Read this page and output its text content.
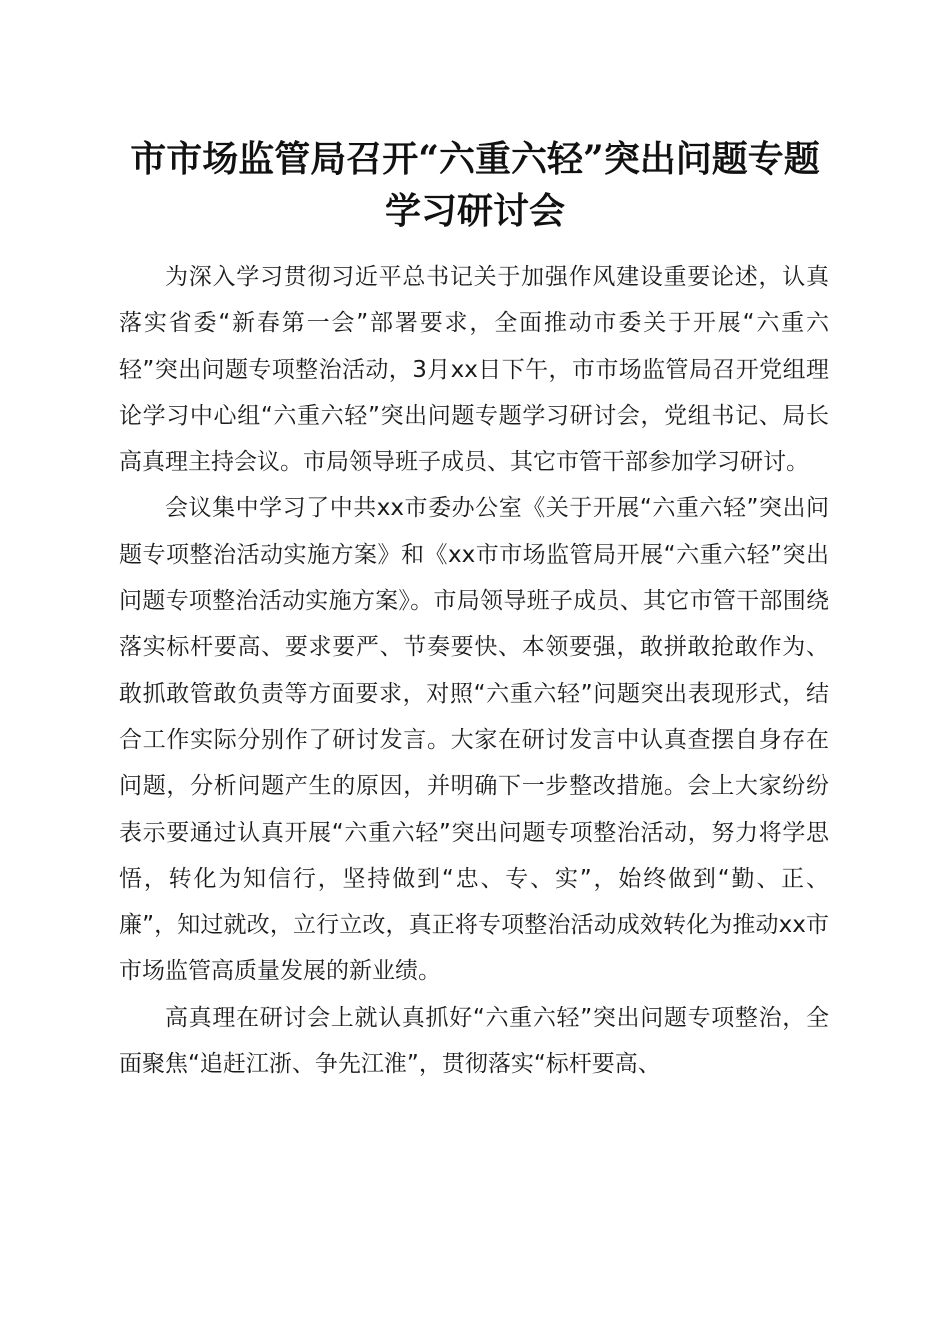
市市场监管局召开“六重六轻”突出问题专题
学习研讨会

为深入学习贯彻习近平总书记关于加强作风建设重要论述，认真落实省委“新春第一会”部署要求，全面推动市委关于开展“六重六轻”突出问题专项整治活动，3月xx日下午，市市场监管局召开党组理论学习中心组“六重六轻”突出问题专题学习研讨会，党组书记、局长高真理主持会议。市局领导班子成员、其它市管干部参加学习研讨。

会议集中学习了中共xx市委办公室《关于开展“六重六轻”突出问题专项整治活动实施方案》和《xx市市场监管局开展“六重六轻”突出问题专项整治活动实施方案》。市局领导班子成员、其它市管干部围绕落实标杆要高、要求要严、节奏要快、本领要强，敢拼敢抢敢作为、敢抓敢管敢负责等方面要求，对照“六重六轻”问题突出表现形式，结合工作实际分别作了研讨发言。大家在研讨发言中认真查摆自身存在问题，分析问题产生的原因，并明确下一步整改措施。会上大家纷纷表示要通过认真开展“六重六轻”突出问题专项整治活动，努力将学思悟，转化为知信行，坚持做到“忠、专、实”，始终做到“勤、正、廉”，知过就改，立行立改，真正将专项整治活动成效转化为推动xx市市场监管高质量发展的新业绩。

高真理在研讨会上就认真抓好“六重六轻”突出问题专项整治，全面聚焦“追赶江浙、争先江淮”，贯彻落实“标杆要高、
